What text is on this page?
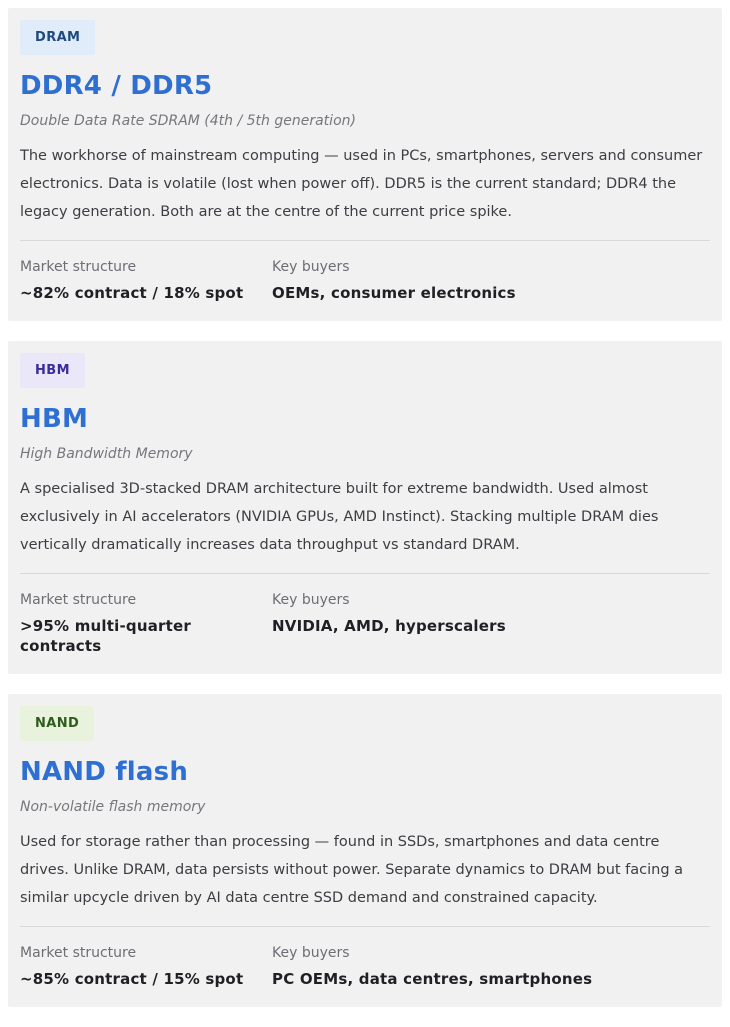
DRAM
DDR4 / DDR5

Double Data Rate SDRAM (4th / 5th generation)

The workhorse of mainstream computing — used in PCs, smartphones, servers and consumer electronics. Data is volatile (lost when power off). DDR5 is the current standard; DDR4 the legacy generation. Both are at the centre of the current price spike.

Market structure
~82% contract / 18% spot
Key buyers
OEMs, consumer electronics
HBM
HBM

High Bandwidth Memory

A specialised 3D-stacked DRAM architecture built for extreme bandwidth. Used almost exclusively in AI accelerators (NVIDIA GPUs, AMD Instinct). Stacking multiple DRAM dies vertically dramatically increases data throughput vs standard DRAM.

Market structure
>95% multi-quarter contracts
Key buyers
NVIDIA, AMD, hyperscalers
NAND
NAND flash

Non-volatile flash memory

Used for storage rather than processing — found in SSDs, smartphones and data centre drives. Unlike DRAM, data persists without power. Separate dynamics to DRAM but facing a similar upcycle driven by AI data centre SSD demand and constrained capacity.

Market structure
~85% contract / 15% spot
Key buyers
PC OEMs, data centres, smartphones
